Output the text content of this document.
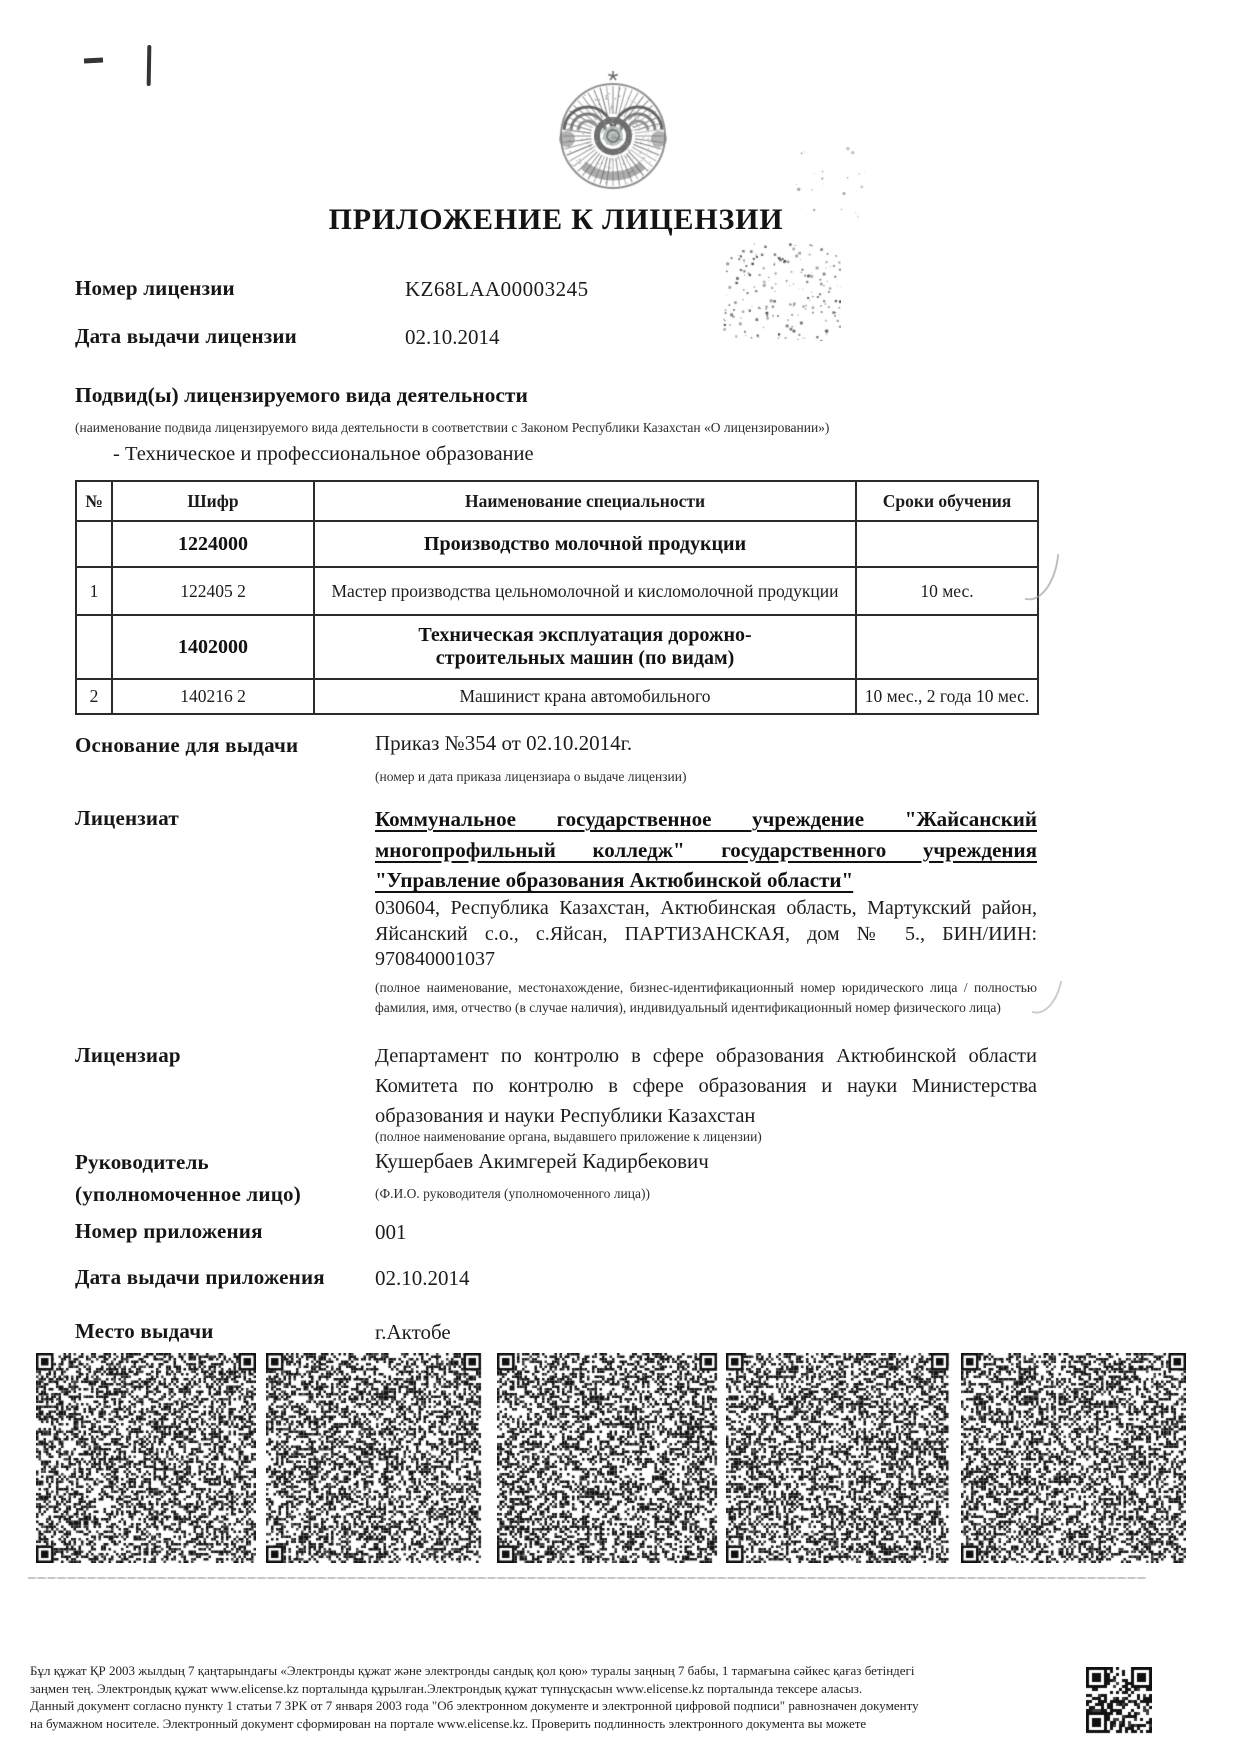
ПРИЛОЖЕНИЕ К ЛИЦЕНЗИИ
Номер лицензии	KZ68LAA00003245
Дата выдачи лицензии	02.10.2014
Подвид(ы) лицензируемого вида деятельности
(наименование подвида лицензируемого вида деятельности в соответствии с Законом Республики Казахстан «О лицензировании»)
- Техническое и профессиональное образование
№	Шифр	Наименование специальности	Сроки обучения
	1224000	Производство молочной продукции	
1	122405 2	Мастер производства цельномолочной и кисломолочной продукции	10 мес.
	1402000	Техническая эксплуатация дорожно-строительных машин (по видам)	
2	140216 2	Машинист крана автомобильного	10 мес., 2 года 10 мес.
Основание для выдачи	Приказ №354 от 02.10.2014г.
(номер и дата приказа лицензиара о выдаче лицензии)
Лицензиат	Коммунальное государственное учреждение "Жайсанский многопрофильный колледж" государственного учреждения "Управление образования Актюбинской области"
030604, Республика Казахстан, Актюбинская область, Мартукский район, Яйсанский с.о., с.Яйсан, ПАРТИЗАНСКАЯ, дом № 5., БИН/ИИН: 970840001037
(полное наименование, местонахождение, бизнес-идентификационный номер юридического лица / полностью фамилия, имя, отчество (в случае наличия), индивидуальный идентификационный номер физического лица)
Лицензиар	Департамент по контролю в сфере образования Актюбинской области Комитета по контролю в сфере образования и науки Министерства образования и науки Республики Казахстан
(полное наименование органа, выдавшего приложение к лицензии)
Руководитель	Кушербаев Акимгерей Кадирбекович
(уполномоченное лицо)	(Ф.И.О. руководителя (уполномоченного лица))
Номер приложения	001
Дата выдачи приложения 02.10.2014
Место выдачи	г.Актобе
Бұл құжат ҚР 2003 жылдың 7 қаңтарындағы «Электронды құжат және электронды сандық қол қою» туралы заңның 7 бабы, 1 тармағына сәйкес қағаз бетіндегі
заңмен тең. Электрондық құжат www.elicense.kz порталында құрылған.Электрондық құжат түпнұсқасын www.elicense.kz порталында тексере аласыз.
Данный документ согласно пункту 1 статьи 7 ЗРК от 7 января 2003 года "Об электронном документе и электронной цифровой подписи" равнозначен документу
на бумажном носителе. Электронный документ сформирован на портале www.elicense.kz. Проверить подлинность электронного документа вы можете
